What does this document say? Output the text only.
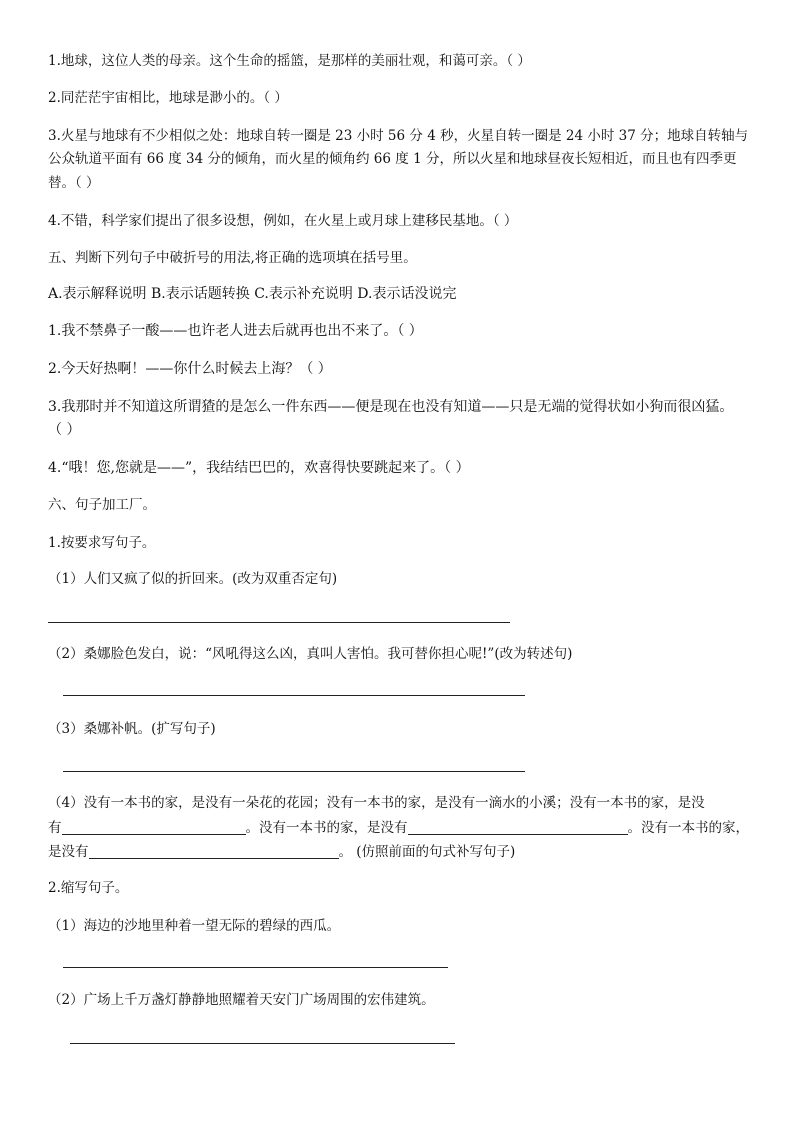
1.地球，这位人类的母亲。这个生命的摇篮，是那样的美丽壮观，和蔼可亲。（ ）
2.同茫茫宇宙相比，地球是渺小的。（ ）
3.火星与地球有不少相似之处：地球自转一圈是 23 小时 56 分 4 秒，火星自转一圈是 24 小时 37 分；地球自转轴与
公众轨道平面有 66 度 34 分的倾角，而火星的倾角约 66 度 1 分，所以火星和地球昼夜长短相近，而且也有四季更
替。（ ）
4.不错，科学家们提出了很多设想，例如，在火星上或月球上建移民基地。（ ）
五、判断下列句子中破折号的用法,将正确的选项填在括号里。
A.表示解释说明 B.表示话题转换 C.表示补充说明 D.表示话没说完
1.我不禁鼻子一酸——也许老人进去后就再也出不来了。（ ）
2.今天好热啊！——你什么时候去上海？（ ）
3.我那时并不知道这所谓猹的是怎么一件东西——便是现在也没有知道——只是无端的觉得状如小狗而很凶猛。
（ ）
4.“哦！您,您就是——”，我结结巴巴的，欢喜得快要跳起来了。（ ）
六、句子加工厂。
1.按要求写句子。
（1）人们又疯了似的折回来。(改为双重否定句)
（2）桑娜脸色发白，说：“风吼得这么凶，真叫人害怕。我可替你担心呢!”(改为转述句)
（3）桑娜补帆。(扩写句子)
（4）没有一本书的家，是没有一朵花的花园；没有一本书的家，是没有一滴水的小溪；没有一本书的家，是没
有	。没有一本书的家，是没有	。没有一本书的家，
是没有	。 (仿照前面的句式补写句子)
2.缩写句子。
（1）海边的沙地里种着一望无际的碧绿的西瓜。
（2）广场上千万盏灯静静地照耀着天安门广场周围的宏伟建筑。
